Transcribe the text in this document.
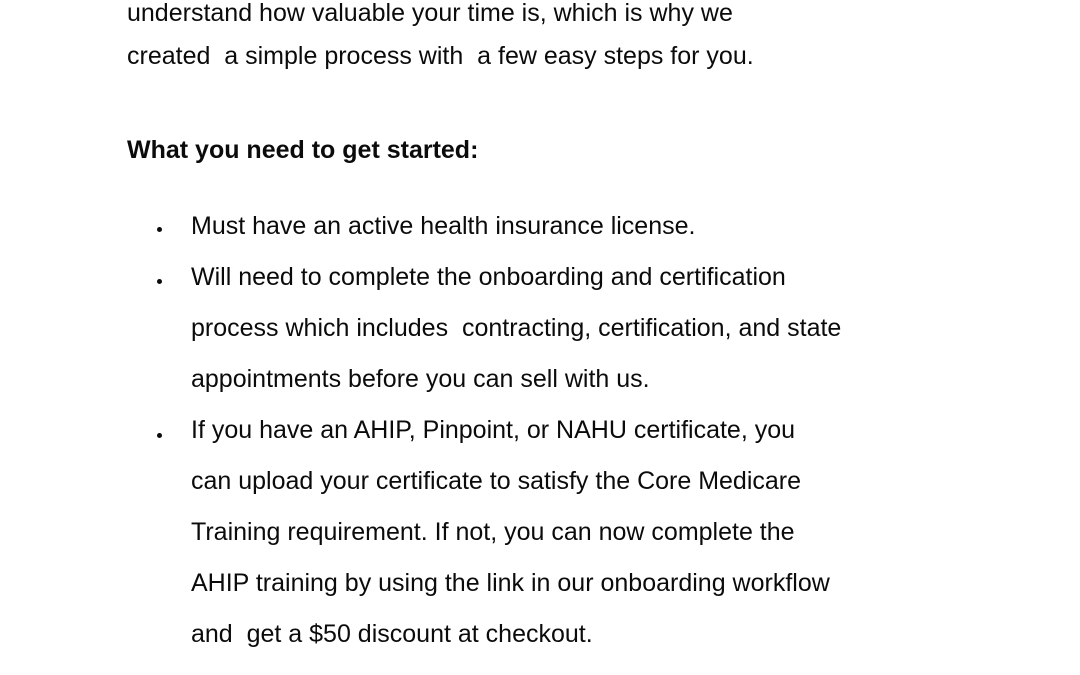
understand how valuable your time is, which is why we

created  a simple process with  a few easy steps for you.

What you need to get started:
Must have an active health insurance license.
Will need to complete the onboarding and certification
process which includes  contracting, certification, and state
appointments before you can sell with us.
If you have an AHIP, Pinpoint, or NAHU certificate, you
can upload your certificate to satisfy the Core Medicare
Training requirement. If not, you can now complete the
AHIP training by using the link in our onboarding workflow
and  get a $50 discount at checkout.
